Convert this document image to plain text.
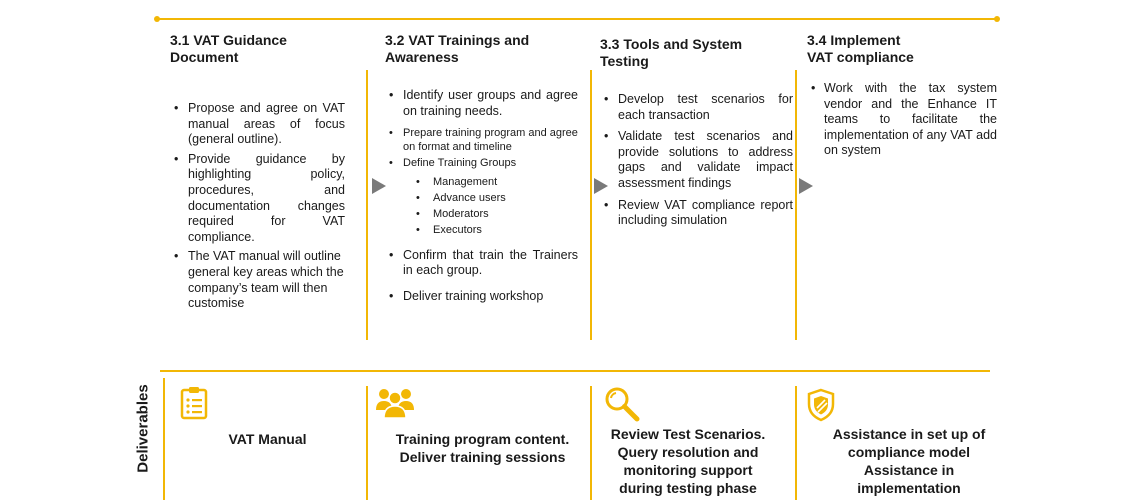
3.1 VAT Guidance
Document

• Propose and agree on VAT manual areas of focus (general outline).
• Provide guidance by highlighting policy, procedures, and documentation changes required for VAT compliance.
• The VAT manual will outline general key areas which the company’s team will then customise

3.2 VAT Trainings and
Awareness

• Identify user groups and agree on training needs.
• Prepare training program and agree on format and timeline
• Define Training Groups
• Management
• Advance users
• Moderators
• Executors
• Confirm that train the Trainers in each group.
• Deliver training workshop

3.3 Tools and System
Testing

• Develop test scenarios for each transaction
• Validate test scenarios and provide solutions to address gaps and validate impact assessment findings
• Review VAT compliance report including simulation

3.4 Implement
VAT compliance

• Work with the tax system vendor and the Enhance IT teams to facilitate the implementation of any VAT add on system
Deliverables	VAT Manual	Training program content.
Deliver training sessions
Review Test Scenarios.
Query resolution and
monitoring support
during testing phase
Assistance in set up of
compliance model
Assistance in
implementation
